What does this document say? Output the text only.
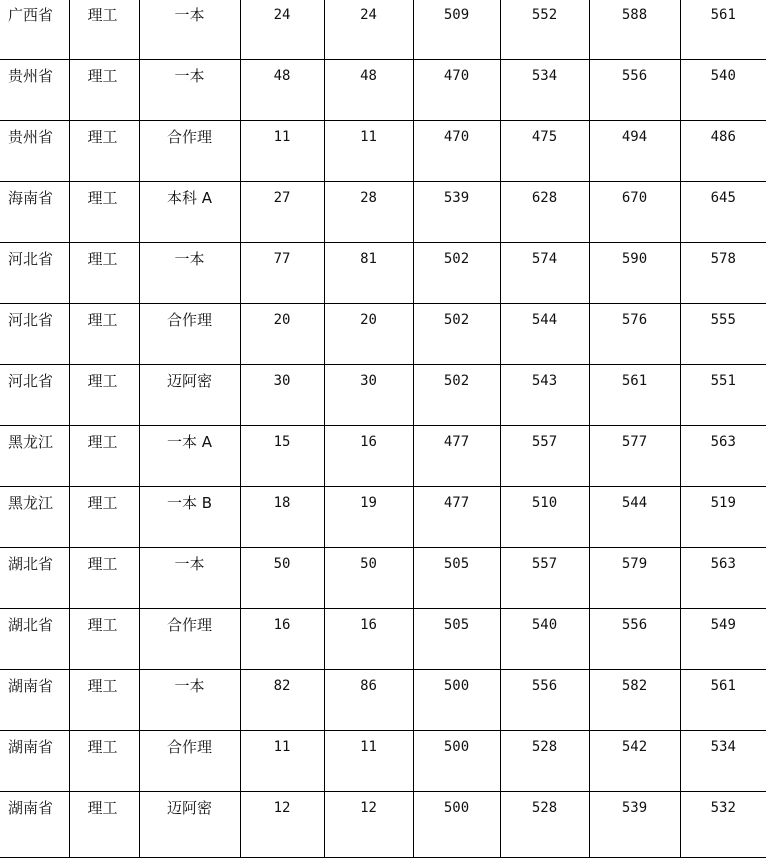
广西省	理工	一本	24	24	509	552	588	561

贵州省	理工	一本	48	48	470	534	556	540

贵州省	理工	合作理	11	11	470	475	494	486

海南省	理工	本科 A	27	28	539	628	670	645

河北省	理工	一本	77	81	502	574	590	578

河北省	理工	合作理	20	20	502	544	576	555

河北省	理工	迈阿密	30	30	502	543	561	551

黑龙江	理工	一本 A	15	16	477	557	577	563

黑龙江	理工	一本 B	18	19	477	510	544	519

湖北省	理工	一本	50	50	505	557	579	563

湖北省	理工	合作理	16	16	505	540	556	549

湖南省	理工	一本	82	86	500	556	582	561

湖南省	理工	合作理	11	11	500	528	542	534

湖南省	理工	迈阿密	12	12	500	528	539	532
